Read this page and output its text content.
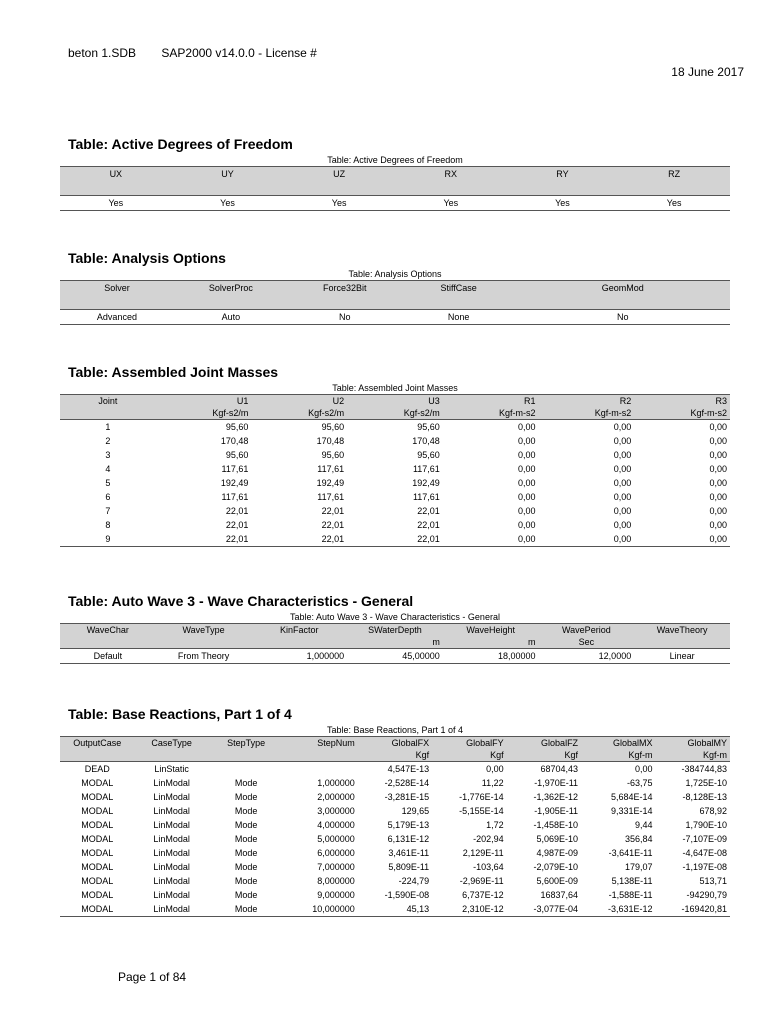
beton 1.SDB SAP2000 v14.0.0 - License #
18 June 2017
Table: Active Degrees of Freedom
Table: Active Degrees of Freedom
UX	UY	UZ	RX	RY	RZ
Yes	Yes	Yes	Yes	Yes	Yes
Table: Analysis Options
Table: Analysis Options
Solver	SolverProc	Force32Bit	StiffCase	GeomMod
Advanced	Auto	No	None	No
Table: Assembled Joint Masses
Table: Assembled Joint Masses
Joint	U1	U2	U3	R1	R2	R3
	Kgf-s2/m	Kgf-s2/m	Kgf-s2/m	Kgf-m-s2	Kgf-m-s2	Kgf-m-s2
1	95,60	95,60	95,60	0,00	0,00	0,00
2	170,48	170,48	170,48	0,00	0,00	0,00
3	95,60	95,60	95,60	0,00	0,00	0,00
4	117,61	117,61	117,61	0,00	0,00	0,00
5	192,49	192,49	192,49	0,00	0,00	0,00
6	117,61	117,61	117,61	0,00	0,00	0,00
7	22,01	22,01	22,01	0,00	0,00	0,00
8	22,01	22,01	22,01	0,00	0,00	0,00
9	22,01	22,01	22,01	0,00	0,00	0,00
Table: Auto Wave 3 - Wave Characteristics - General
Table: Auto Wave 3 - Wave Characteristics - General
WaveChar	WaveType	KinFactor	SWaterDepth	WaveHeight	WavePeriod	WaveTheory
			m	m	Sec	
Default	From Theory	1,000000	45,00000	18,00000	12,0000	Linear
Table: Base Reactions, Part 1 of 4
Table: Base Reactions, Part 1 of 4
OutputCase	CaseType	StepType	StepNum	GlobalFX	GlobalFY	GlobalFZ	GlobalMX	GlobalMY
				Kgf	Kgf	Kgf	Kgf-m	Kgf-m
DEAD	LinStatic			4,547E-13	0,00	68704,43	0,00	-384744,83
MODAL	LinModal	Mode	1,000000	-2,528E-14	11,22	-1,970E-11	-63,75	1,725E-10
MODAL	LinModal	Mode	2,000000	-3,281E-15	-1,776E-14	-1,362E-12	5,684E-14	-8,128E-13
MODAL	LinModal	Mode	3,000000	129,65	-5,155E-14	-1,905E-11	9,331E-14	678,92
MODAL	LinModal	Mode	4,000000	5,179E-13	1,72	-1,458E-10	9,44	1,790E-10
MODAL	LinModal	Mode	5,000000	6,131E-12	-202,94	5,069E-10	356,84	-7,107E-09
MODAL	LinModal	Mode	6,000000	3,461E-11	2,129E-11	4,987E-09	-3,641E-11	-4,647E-08
MODAL	LinModal	Mode	7,000000	5,809E-11	-103,64	-2,079E-10	179,07	-1,197E-08
MODAL	LinModal	Mode	8,000000	-224,79	-2,969E-11	5,600E-09	5,138E-11	513,71
MODAL	LinModal	Mode	9,000000	-1,590E-08	6,737E-12	16837,64	-1,588E-11	-94290,79
MODAL	LinModal	Mode	10,000000	45,13	2,310E-12	-3,077E-04	-3,631E-12	-169420,81
Page 1 of 84
